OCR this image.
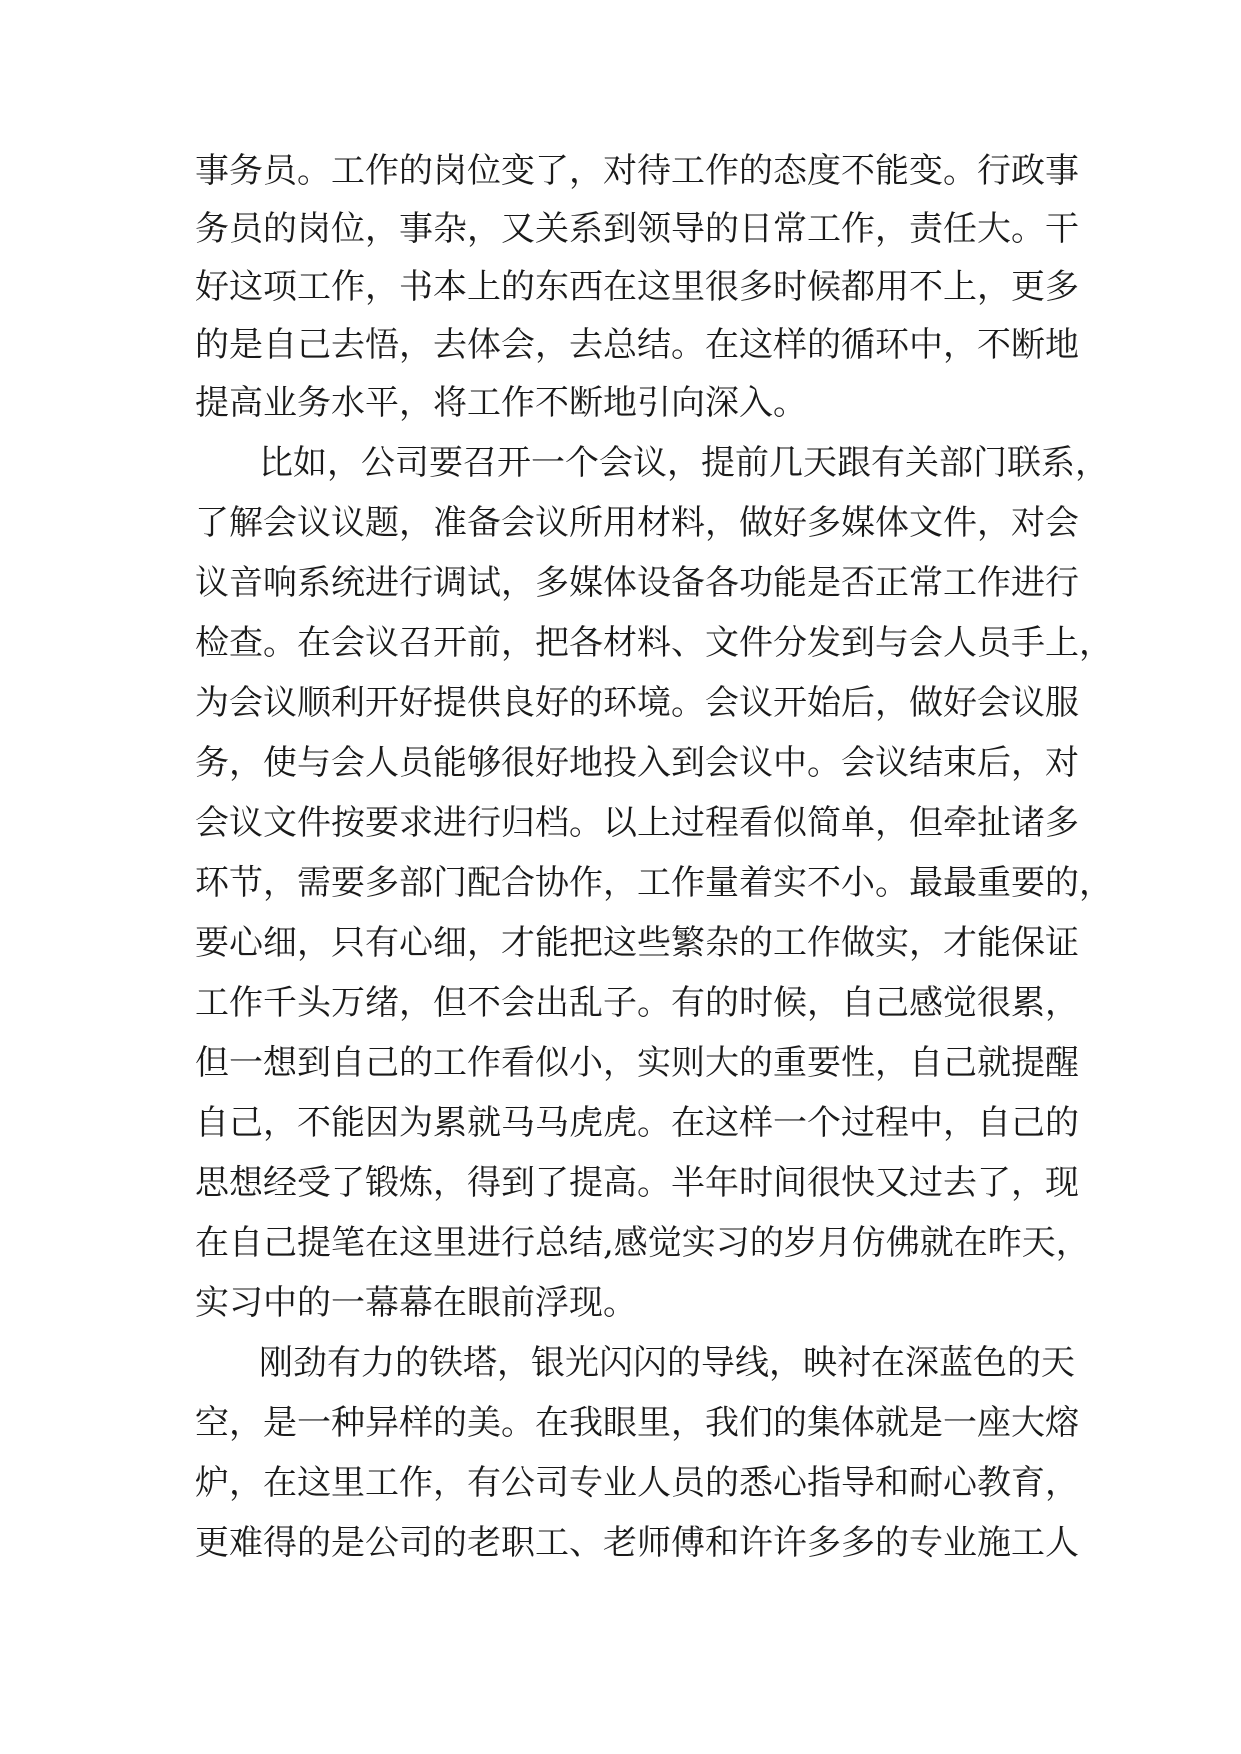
事务员。工作的岗位变了，对待工作的态度不能变。行政事
务员的岗位，事杂，又关系到领导的日常工作，责任大。干
好这项工作，书本上的东西在这里很多时候都用不上，更多
的是自己去悟，去体会，去总结。在这样的循环中，不断地
提高业务水平，将工作不断地引向深入。
比如，公司要召开一个会议，提前几天跟有关部门联系，
了解会议议题，准备会议所用材料，做好多媒体文件，对会
议音响系统进行调试，多媒体设备各功能是否正常工作进行
检查。在会议召开前，把各材料、文件分发到与会人员手上，
为会议顺利开好提供良好的环境。会议开始后，做好会议服
务，使与会人员能够很好地投入到会议中。会议结束后，对
会议文件按要求进行归档。以上过程看似简单，但牵扯诸多
环节，需要多部门配合协作，工作量着实不小。最最重要的，
要心细，只有心细，才能把这些繁杂的工作做实，才能保证
工作千头万绪，但不会出乱子。有的时候，自己感觉很累，
但一想到自己的工作看似小，实则大的重要性，自己就提醒
自己，不能因为累就马马虎虎。在这样一个过程中，自己的
思想经受了锻炼，得到了提高。半年时间很快又过去了，现
在自己提笔在这里进行总结,感觉实习的岁月仿佛就在昨天，
实习中的一幕幕在眼前浮现。
刚劲有力的铁塔，银光闪闪的导线，映衬在深蓝色的天
空，是一种异样的美。在我眼里，我们的集体就是一座大熔
炉，在这里工作，有公司专业人员的悉心指导和耐心教育，
更难得的是公司的老职工、老师傅和许许多多的专业施工人
